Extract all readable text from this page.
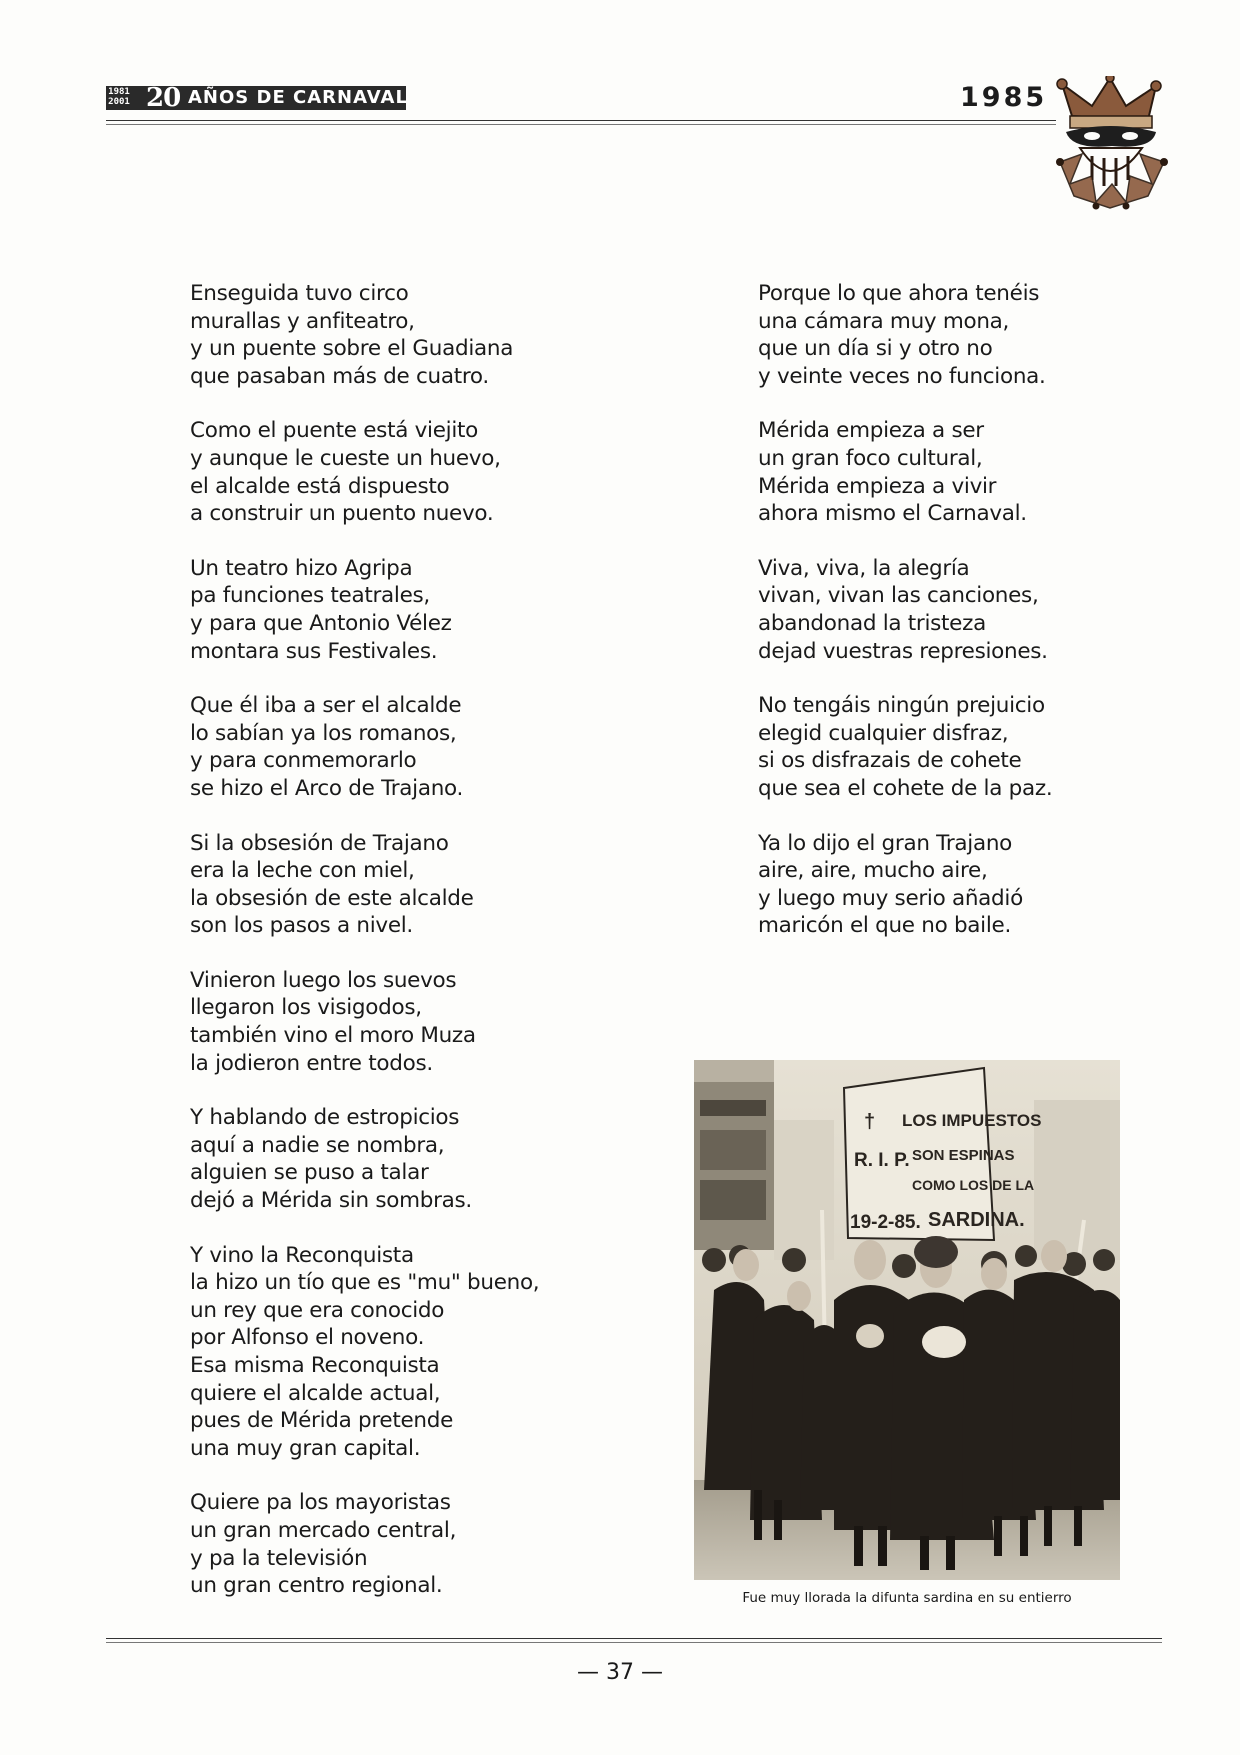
1981 2001 20 AÑOS DE CARNAVAL	1985
Enseguida tuvo circo
murallas y anfiteatro,
y un puente sobre el Guadiana
que pasaban más de cuatro.
Como el puente está viejito
y aunque le cueste un huevo,
el alcalde está dispuesto
a construir un puento nuevo.
Un teatro hizo Agripa
pa funciones teatrales,
y para que Antonio Vélez
montara sus Festivales.
Que él iba a ser el alcalde
lo sabían ya los romanos,
y para conmemorarlo
se hizo el Arco de Trajano.
Si la obsesión de Trajano
era la leche con miel,
la obsesión de este alcalde
son los pasos a nivel.
Vinieron luego los suevos
llegaron los visigodos,
también vino el moro Muza
la jodieron entre todos.
Y hablando de estropicios
aquí a nadie se nombra,
alguien se puso a talar
dejó a Mérida sin sombras.
Y vino la Reconquista
la hizo un tío que es "mu" bueno,
un rey que era conocido
por Alfonso el noveno.
Esa misma Reconquista
quiere el alcalde actual,
pues de Mérida pretende
una muy gran capital.
Quiere pa los mayoristas
un gran mercado central,
y pa la televisión
un gran centro regional.
Porque lo que ahora tenéis
una cámara muy mona,
que un día si y otro no
y veinte veces no funciona.
Mérida empieza a ser
un gran foco cultural,
Mérida empieza a vivir
ahora mismo el Carnaval.
Viva, viva, la alegría
vivan, vivan las canciones,
abandonad la tristeza
dejad vuestras represiones.
No tengáis ningún prejuicio
elegid cualquier disfraz,
si os disfrazais de cohete
que sea el cohete de la paz.
Ya lo dijo el gran Trajano
aire, aire, mucho aire,
y luego muy serio añadió
maricón el que no baile.
† LOS IMPUESTOS
R. I. P. SON ESPINAS
COMO LOS DE LA
19-2-85. SARDINA.
Fue muy llorada la difunta sardina en su entierro
— 37 —
